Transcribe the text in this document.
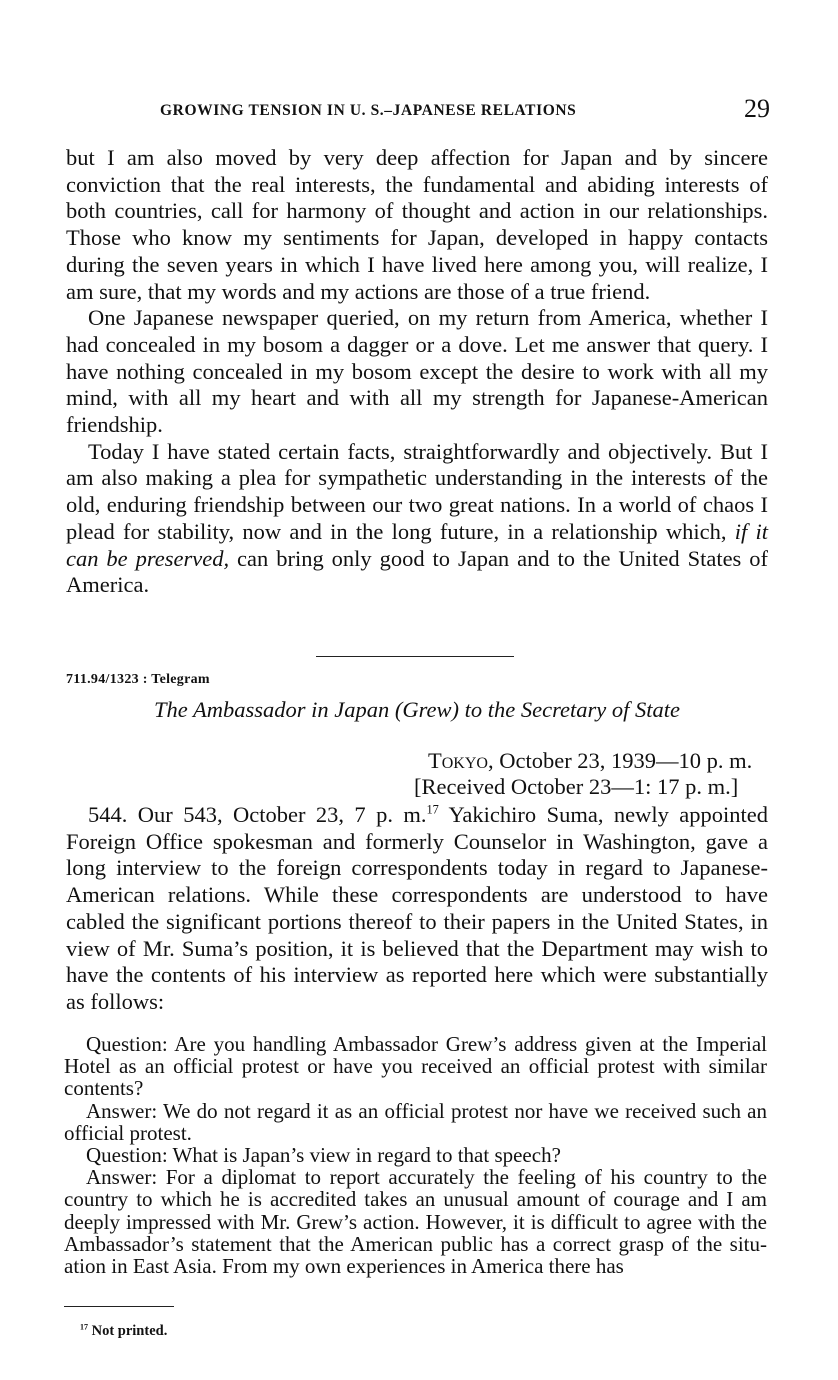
GROWING TENSION IN U. S.–JAPANESE RELATIONS	29

but I am also moved by very deep affection for Japan and by sincere conviction that the real interests, the fundamental and abiding interests of both countries, call for harmony of thought and action in our relationships. Those who know my sentiments for Japan, developed in happy contacts during the seven years in which I have lived here among you, will realize, I am sure, that my words and my actions are those of a true friend.

One Japanese newspaper queried, on my return from America, whether I had concealed in my bosom a dagger or a dove. Let me answer that query. I have nothing concealed in my bosom except the desire to work with all my mind, with all my heart and with all my strength for Japanese-American friendship.

Today I have stated certain facts, straightforwardly and objectively. But I am also making a plea for sympathetic understanding in the interests of the old, enduring friendship between our two great nations. In a world of chaos I plead for stability, now and in the long future, in a relationship which, if it can be preserved, can bring only good to Japan and to the United States of America.

711.94/1323 : Telegram
The Ambassador in Japan (Grew) to the Secretary of State
Tokyo, October 23, 1939—10 p. m.
[Received October 23—1: 17 p. m.]

544. Our 543, October 23, 7 p. m.$^{17}$ Yakichiro Suma, newly appointed Foreign Office spokesman and formerly Counselor in Washington, gave a long interview to the foreign correspondents today in regard to Japanese-American relations. While these correspondents are understood to have cabled the significant portions thereof to their papers in the United States, in view of Mr. Suma’s position, it is believed that the Department may wish to have the contents of his interview as reported here which were substantially as follows:

Question: Are you handling Ambassador Grew’s address given at the Imperial Hotel as an official protest or have you received an official protest with similar contents?

Answer: We do not regard it as an official protest nor have we received such an official protest.

Question: What is Japan’s view in regard to that speech?

Answer: For a diplomat to report accurately the feeling of his country to the country to which he is accredited takes an unusual amount of courage and I am deeply impressed with Mr. Grew’s action. However, it is difficult to agree with the Ambassador’s statement that the American public has a correct grasp of the situation in East Asia. From my own experiences in America there has

$^{17}$ Not printed.
